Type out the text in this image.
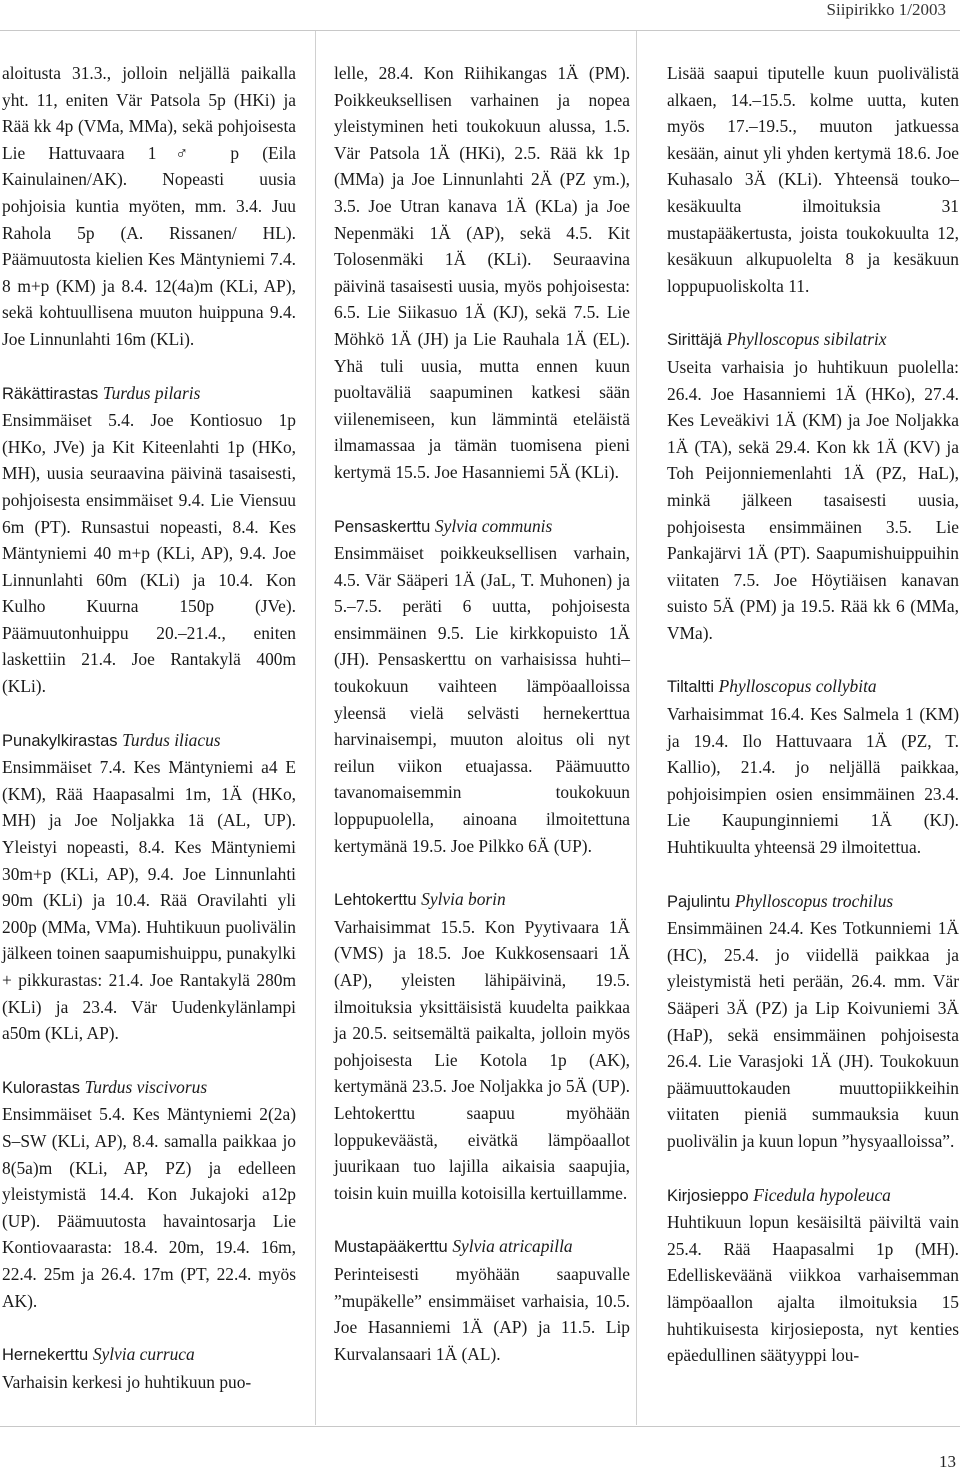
Siipirikko 1/2003
13

aloitusta 31.3., jolloin neljällä paikalla yht. 11, eniten Vär Patsola 5p (HKi) ja Rää kk 4p (VMa, MMa), sekä pohjoisesta Lie Hattuvaara 1♂ p (Eila Kainulainen/AK). Nopeasti uusia pohjoisia kuntia myöten, mm. 3.4. Juu Rahola 5p (A. Rissanen/ HL). Päämuutosta kielien Kes Mäntyniemi 7.4. 8 m+p (KM) ja 8.4. 12(4a)m (KLi, AP), sekä kohtuullisena muuton huippuna 9.4. Joe Linnunlahti 16m (KLi).

Räkättirastas Turdus pilaris

Ensimmäiset 5.4. Joe Kontiosuo 1p (HKo, JVe) ja Kit Kiteenlahti 1p (HKo, MH), uusia seuraavina päivinä tasaisesti, pohjoisesta ensimmäiset 9.4. Lie Viensuu 6m (PT). Runsastui nopeasti, 8.4. Kes Mäntyniemi 40 m+p (KLi, AP), 9.4. Joe Linnunlahti 60m (KLi) ja 10.4. Kon Kulho Kuurna 150p (JVe). Päämuutonhuippu 20.–21.4., eniten laskettiin 21.4. Joe Rantakylä 400m (KLi).

Punakylkirastas Turdus iliacus

Ensimmäiset 7.4. Kes Mäntyniemi a4 E (KM), Rää Haapasalmi 1m, 1Ä (HKo, MH) ja Joe Noljakka 1ä (AL, UP). Yleistyi nopeasti, 8.4. Kes Mäntyniemi 30m+p (KLi, AP), 9.4. Joe Linnunlahti 90m (KLi) ja 10.4. Rää Oravilahti yli 200p (MMa, VMa). Huhtikuun puolivälin jälkeen toinen saapumishuippu, punakylki + pikkurastas: 21.4. Joe Rantakylä 280m (KLi) ja 23.4. Vär Uudenkylänlampi a50m (KLi, AP).

Kulorastas Turdus viscivorus

Ensimmäiset 5.4. Kes Mäntyniemi 2(2a) S–SW (KLi, AP), 8.4. samalla paikkaa jo 8(5a)m (KLi, AP, PZ) ja edelleen yleistymistä 14.4. Kon Jukajoki a12p (UP). Päämuutosta havaintosarja Lie Kontiovaarasta: 18.4. 20m, 19.4. 16m, 22.4. 25m ja 26.4. 17m (PT, 22.4. myös AK).

Hernekerttu Sylvia curruca

Varhaisin kerkesi jo huhtikuun puo-

lelle, 28.4. Kon Riihikangas 1Ä (PM). Poikkeuksellisen varhainen ja nopea yleistyminen heti toukokuun alussa, 1.5. Vär Patsola 1Ä (HKi), 2.5. Rää kk 1p (MMa) ja Joe Linnunlahti 2Ä (PZ ym.), 3.5. Joe Utran kanava 1Ä (KLa) ja Joe Nepenmäki 1Ä (AP), sekä 4.5. Kit Tolosenmäki 1Ä (KLi). Seuraavina päivinä tasaisesti uusia, myös pohjoisesta: 6.5. Lie Siikasuo 1Ä (KJ), sekä 7.5. Lie Möhkö 1Ä (JH) ja Lie Rauhala 1Ä (EL). Yhä tuli uusia, mutta ennen kuun puoltaväliä saapuminen katkesi sään viilenemiseen, kun lämmintä eteläistä ilmamassaa ja tämän tuomisena pieni kertymä 15.5. Joe Hasanniemi 5Ä (KLi).

Pensaskerttu Sylvia communis

Ensimmäiset poikkeuksellisen varhain, 4.5. Vär Sääperi 1Ä (JaL, T. Muhonen) ja 5.–7.5. peräti 6 uutta, pohjoisesta ensimmäinen 9.5. Lie kirkkopuisto 1Ä (JH). Pensaskerttu on varhaisissa huhti–toukokuun vaihteen lämpöaalloissa yleensä vielä selvästi hernekerttua harvinaisempi, muuton aloitus oli nyt reilun viikon etuajassa. Päämuutto tavanomaisemmin toukokuun loppupuolella, ainoana ilmoitettuna kertymänä 19.5. Joe Pilkko 6Ä (UP).

Lehtokerttu Sylvia borin

Varhaisimmat 15.5. Kon Pyytivaara 1Ä (VMS) ja 18.5. Joe Kukkosensaari 1Ä (AP), yleisten lähipäivinä, 19.5. ilmoituksia yksittäisistä kuudelta paikkaa ja 20.5. seitsemältä paikalta, jolloin myös pohjoisesta Lie Kotola 1p (AK), kertymänä 23.5. Joe Noljakka jo 5Ä (UP). Lehtokerttu saapuu myöhään loppukeväästä, eivätkä lämpöaallot juurikaan tuo lajilla aikaisia saapujia, toisin kuin muilla kotoisilla kertuillamme.

Mustapääkerttu Sylvia atricapilla

Perinteisesti myöhään saapuvalle ”mupäkelle” ensimmäiset varhaisia, 10.5. Joe Hasanniemi 1Ä (AP) ja 11.5. Lip Kurvalansaari 1Ä (AL).

Lisää saapui tiputelle kuun puolivälistä alkaen, 14.–15.5. kolme uutta, kuten myös 17.–19.5., muuton jatkuessa kesään, ainut yli yhden kertymä 18.6. Joe Kuhasalo 3Ä (KLi). Yhteensä touko–kesäkuulta ilmoituksia 31 mustapääkertusta, joista toukokuulta 12, kesäkuun alkupuolelta 8 ja kesäkuun loppupuoliskolta 11.

Sirittäjä Phylloscopus sibilatrix

Useita varhaisia jo huhtikuun puolella: 26.4. Joe Hasanniemi 1Ä (HKo), 27.4. Kes Leveäkivi 1Ä (KM) ja Joe Noljakka 1Ä (TA), sekä 29.4. Kon kk 1Ä (KV) ja Toh Peijonniemenlahti 1Ä (PZ, HaL), minkä jälkeen tasaisesti uusia, pohjoisesta ensimmäinen 3.5. Lie Pankajärvi 1Ä (PT). Saapumishuippuihin viitaten 7.5. Joe Höytiäisen kanavan suisto 5Ä (PM) ja 19.5. Rää kk 6 (MMa, VMa).

Tiltaltti Phylloscopus collybita

Varhaisimmat 16.4. Kes Salmela 1 (KM) ja 19.4. Ilo Hattuvaara 1Ä (PZ, T. Kallio), 21.4. jo neljällä paikkaa, pohjoisimpien osien ensimmäinen 23.4. Lie Kaupunginniemi 1Ä (KJ). Huhtikuulta yhteensä 29 ilmoitettua.

Pajulintu Phylloscopus trochilus

Ensimmäinen 24.4. Kes Totkunniemi 1Ä (HC), 25.4. jo viidellä paikkaa ja yleistymistä heti perään, 26.4. mm. Vär Sääperi 3Ä (PZ) ja Lip Koivuniemi 3Ä (HaP), sekä ensimmäinen pohjoisesta 26.4. Lie Varasjoki 1Ä (JH). Toukokuun päämuuttokauden muuttopiikkeihin viitaten pieniä summauksia kuun puolivälin ja kuun lopun ”hysyaalloissa”.

Kirjosieppo Ficedula hypoleuca

Huhtikuun lopun kesäisiltä päiviltä vain 25.4. Rää Haapasalmi 1p (MH). Edelliskeväänä viikkoa varhaisemman lämpöaallon ajalta ilmoituksia 15 huhtikuisesta kirjosieposta, nyt kenties epäedullinen säätyyppi lou-
